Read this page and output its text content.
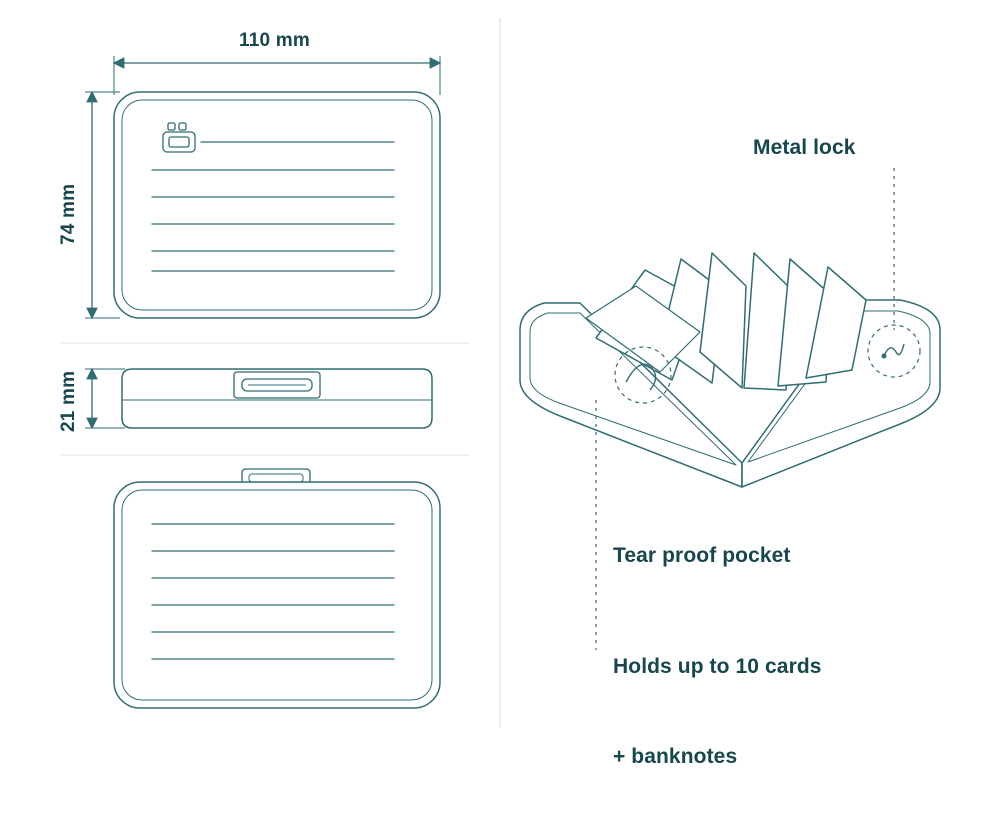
110 mm
74 mm
21 mm
Metal lock
Tear proof pocket

Holds up to 10 cards

+ banknotes
